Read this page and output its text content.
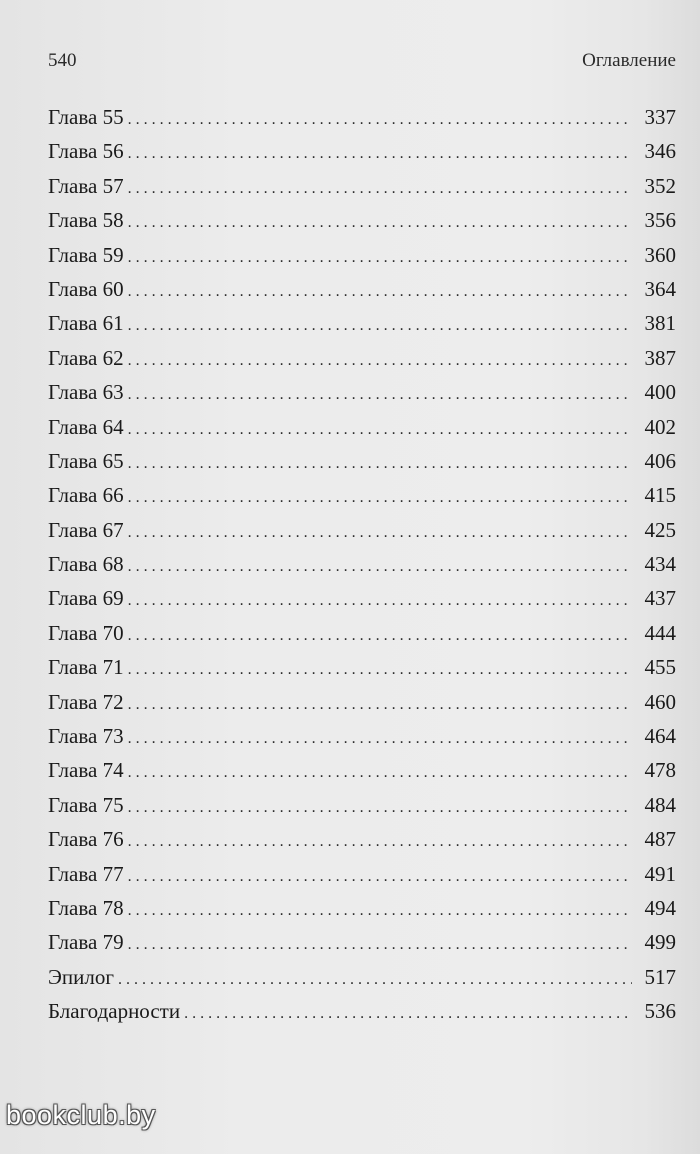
540	Оглавление
Глава 55 . . .	337
Глава 56 . . .	346
Глава 57 . . .	352
Глава 58 . . .	356
Глава 59 . . .	360
Глава 60 . . .	364
Глава 61 . . .	381
Глава 62 . . .	387
Глава 63 . . .	400
Глава 64 . . .	402
Глава 65 . . .	406
Глава 66 . . .	415
Глава 67 . . .	425
Глава 68 . . .	434
Глава 69 . . .	437
Глава 70 . . .	444
Глава 71 . . .	455
Глава 72 . . .	460
Глава 73 . . .	464
Глава 74 . . .	478
Глава 75 . . .	484
Глава 76 . . .	487
Глава 77 . . .	491
Глава 78 . . .	494
Глава 79 . . .	499
Эпилог . . .	517
Благодарности . . .	536
bookclub.by
